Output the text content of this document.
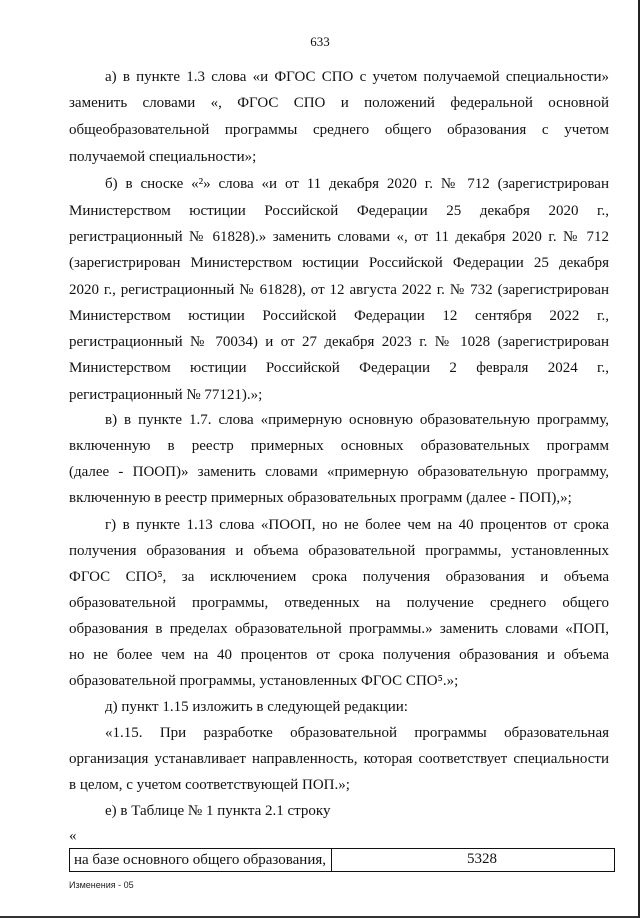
633
а) в пункте 1.3 слова «и ФГОС СПО с учетом получаемой специальности»
заменить словами «, ФГОС СПО и положений федеральной основной
общеобразовательной программы среднего общего образования с учетом
получаемой специальности»;
б) в сноске «²» слова «и от 11 декабря 2020 г. № 712 (зарегистрирован
Министерством юстиции Российской Федерации 25 декабря 2020 г.,
регистрационный № 61828).» заменить словами «, от 11 декабря 2020 г. № 712
(зарегистрирован Министерством юстиции Российской Федерации 25 декабря
2020 г., регистрационный № 61828), от 12 августа 2022 г. № 732 (зарегистрирован
Министерством юстиции Российской Федерации 12 сентября 2022 г.,
регистрационный № 70034) и от 27 декабря 2023 г. № 1028 (зарегистрирован
Министерством юстиции Российской Федерации 2 февраля 2024 г.,
регистрационный № 77121).»;
в) в пункте 1.7. слова «примерную основную образовательную программу,
включенную в реестр примерных основных образовательных программ
(далее - ПООП)» заменить словами «примерную образовательную программу,
включенную в реестр примерных образовательных программ (далее - ПОП),»;
г) в пункте 1.13 слова «ПООП, но не более чем на 40 процентов от срока
получения образования и объема образовательной программы, установленных
ФГОС СПО⁵, за исключением срока получения образования и объема
образовательной программы, отведенных на получение среднего общего
образования в пределах образовательной программы.» заменить словами «ПОП,
но не более чем на 40 процентов от срока получения образования и объема
образовательной программы, установленных ФГОС СПО⁵.»;
д) пункт 1.15 изложить в следующей редакции:
«1.15. При разработке образовательной программы образовательная
организация устанавливает направленность, которая соответствует специальности
в целом, с учетом соответствующей ПОП.»;
е) в Таблице № 1 пункта 2.1 строку
«
на базе основного общего образования,	5328
Изменения - 05
